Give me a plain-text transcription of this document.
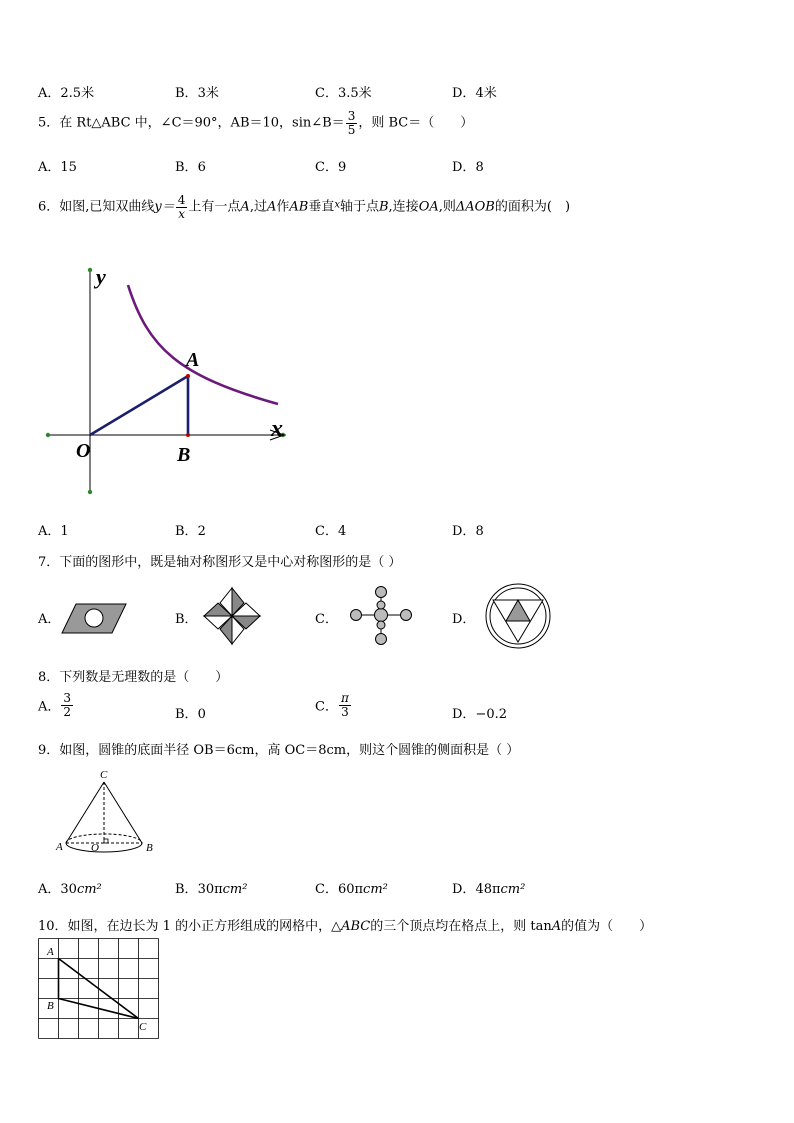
A．2.5米	B．3米	C．3.5米	D．4米
5．在 Rt△ABC 中，∠C＝90°，AB＝10，sin∠B＝ $\frac{3}{5}$ ，则 BC＝（　　）
A．15	B．6	C．9	D．8
6．如图,已知双曲线$y= \frac{4}{x}$ 上有一点A,过A作AB垂直$^x$轴于点B,连接OA,则ΔAOB的面积为(　)
y
x
A
B
O
A．1	B．2	C．4	D．8
7．下面的图形中，既是轴对称图形又是中心对称图形的是（ ）
A．	B．	C．	D．
8．下列数是无理数的是（　　）
A． $\frac{3}{2}$	B．0	C． $\frac{\pi}{3}$	D．−0.2
9．如图，圆锥的底面半径 OB＝6cm，高 OC＝8cm，则这个圆锥的侧面积是（ ）
C
A	O	B
A．30cm²	B．30πcm²	C．60πcm²	D．48πcm²
10．如图，在边长为 1 的小正方形组成的网格中，△ABC的三个顶点均在格点上，则 tanA的值为（　　）
A
B
C
